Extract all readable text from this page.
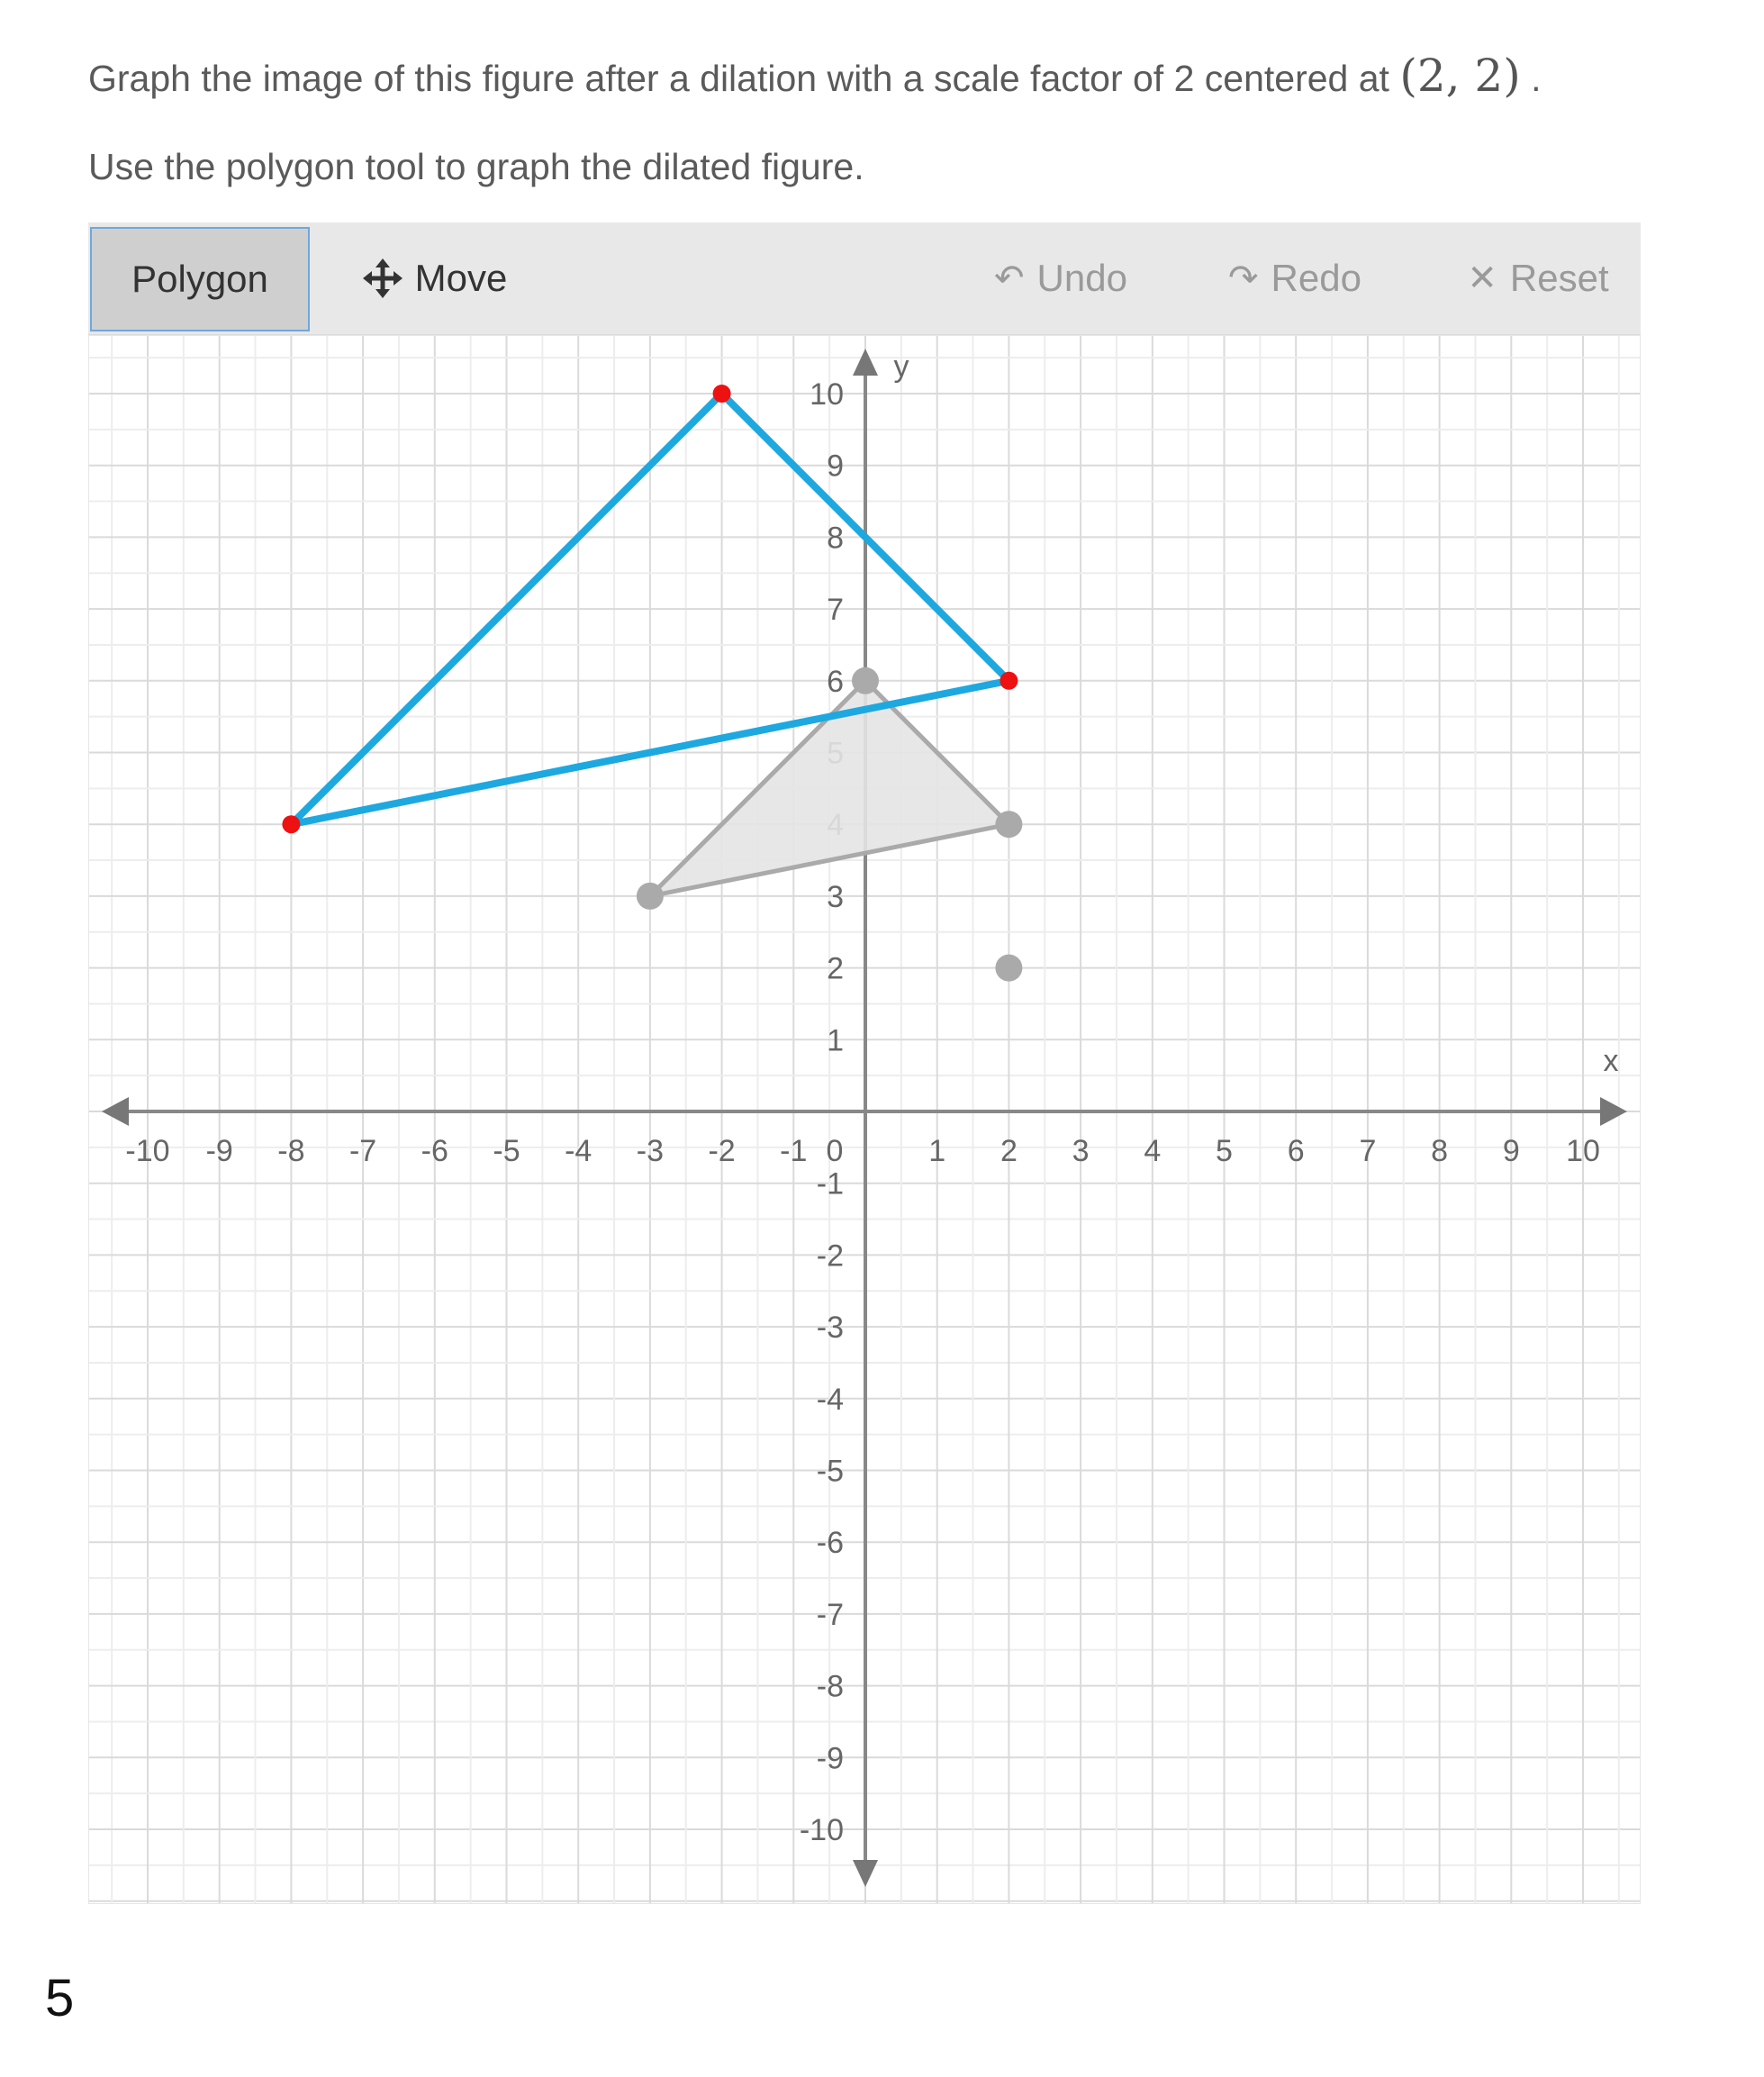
Graph the image of this figure after a dilation with a scale factor of 2 centered at (2, 2) .
Use the polygon tool to graph the dilated figure.
Polygon	Move	↶ Undo	↷ Redo	✕ Reset
x
y
-10 -9 -8 -7 -6 -5 -4 -3 -2 -1 0	1 2 3 4 5 6 7 8 9 10
10
9
8
7
6
3
2
1
-1
-2
-3
-4
-5
-6
-7
-8
-9
-10
5
